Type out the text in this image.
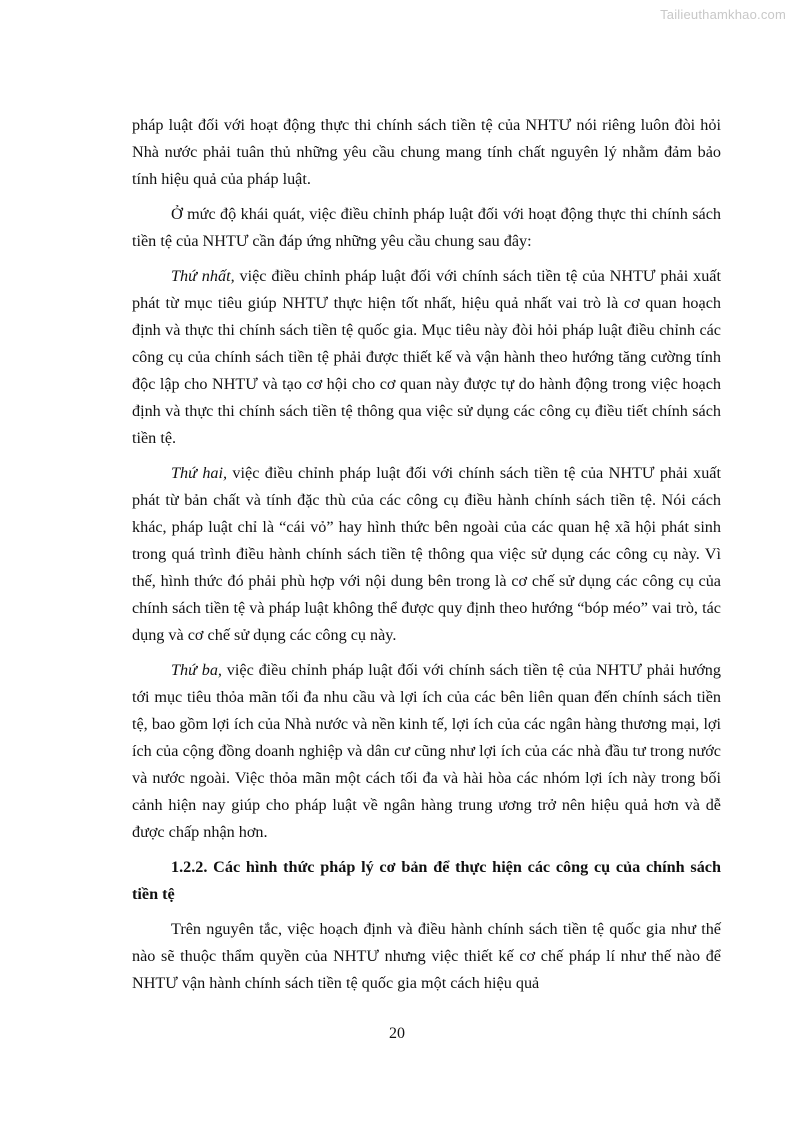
Tailieuthamkhao.com

pháp luật đối với hoạt động thực thi chính sách tiền tệ của NHTƯ nói riêng luôn đòi hỏi Nhà nước phải tuân thủ những yêu cầu chung mang tính chất nguyên lý nhằm đảm bảo tính hiệu quả của pháp luật.

Ở mức độ khái quát, việc điều chỉnh pháp luật đối với hoạt động thực thi chính sách tiền tệ của NHTƯ cần đáp ứng những yêu cầu chung sau đây:

Thứ nhất, việc điều chỉnh pháp luật đối với chính sách tiền tệ của NHTƯ phải xuất phát từ mục tiêu giúp NHTƯ thực hiện tốt nhất, hiệu quả nhất vai trò là cơ quan hoạch định và thực thi chính sách tiền tệ quốc gia. Mục tiêu này đòi hỏi pháp luật điều chỉnh các công cụ của chính sách tiền tệ phải được thiết kế và vận hành theo hướng tăng cường tính độc lập cho NHTƯ và tạo cơ hội cho cơ quan này được tự do hành động trong việc hoạch định và thực thi chính sách tiền tệ thông qua việc sử dụng các công cụ điều tiết chính sách tiền tệ.

Thứ hai, việc điều chỉnh pháp luật đối với chính sách tiền tệ của NHTƯ phải xuất phát từ bản chất và tính đặc thù của các công cụ điều hành chính sách tiền tệ. Nói cách khác, pháp luật chỉ là “cái vỏ” hay hình thức bên ngoài của các quan hệ xã hội phát sinh trong quá trình điều hành chính sách tiền tệ thông qua việc sử dụng các công cụ này. Vì thế, hình thức đó phải phù hợp với nội dung bên trong là cơ chế sử dụng các công cụ của chính sách tiền tệ và pháp luật không thể được quy định theo hướng “bóp méo” vai trò, tác dụng và cơ chế sử dụng các công cụ này.

Thứ ba, việc điều chỉnh pháp luật đối với chính sách tiền tệ của NHTƯ phải hướng tới mục tiêu thỏa mãn tối đa nhu cầu và lợi ích của các bên liên quan đến chính sách tiền tệ, bao gồm lợi ích của Nhà nước và nền kinh tế, lợi ích của các ngân hàng thương mại, lợi ích của cộng đồng doanh nghiệp và dân cư cũng như lợi ích của các nhà đầu tư trong nước và nước ngoài. Việc thỏa mãn một cách tối đa và hài hòa các nhóm lợi ích này trong bối cảnh hiện nay giúp cho pháp luật về ngân hàng trung ương trở nên hiệu quả hơn và dễ được chấp nhận hơn.

1.2.2. Các hình thức pháp lý cơ bản để thực hiện các công cụ của chính sách tiền tệ

Trên nguyên tắc, việc hoạch định và điều hành chính sách tiền tệ quốc gia như thế nào sẽ thuộc thẩm quyền của NHTƯ nhưng việc thiết kế cơ chế pháp lí như thế nào để NHTƯ vận hành chính sách tiền tệ quốc gia một cách hiệu quả

20
